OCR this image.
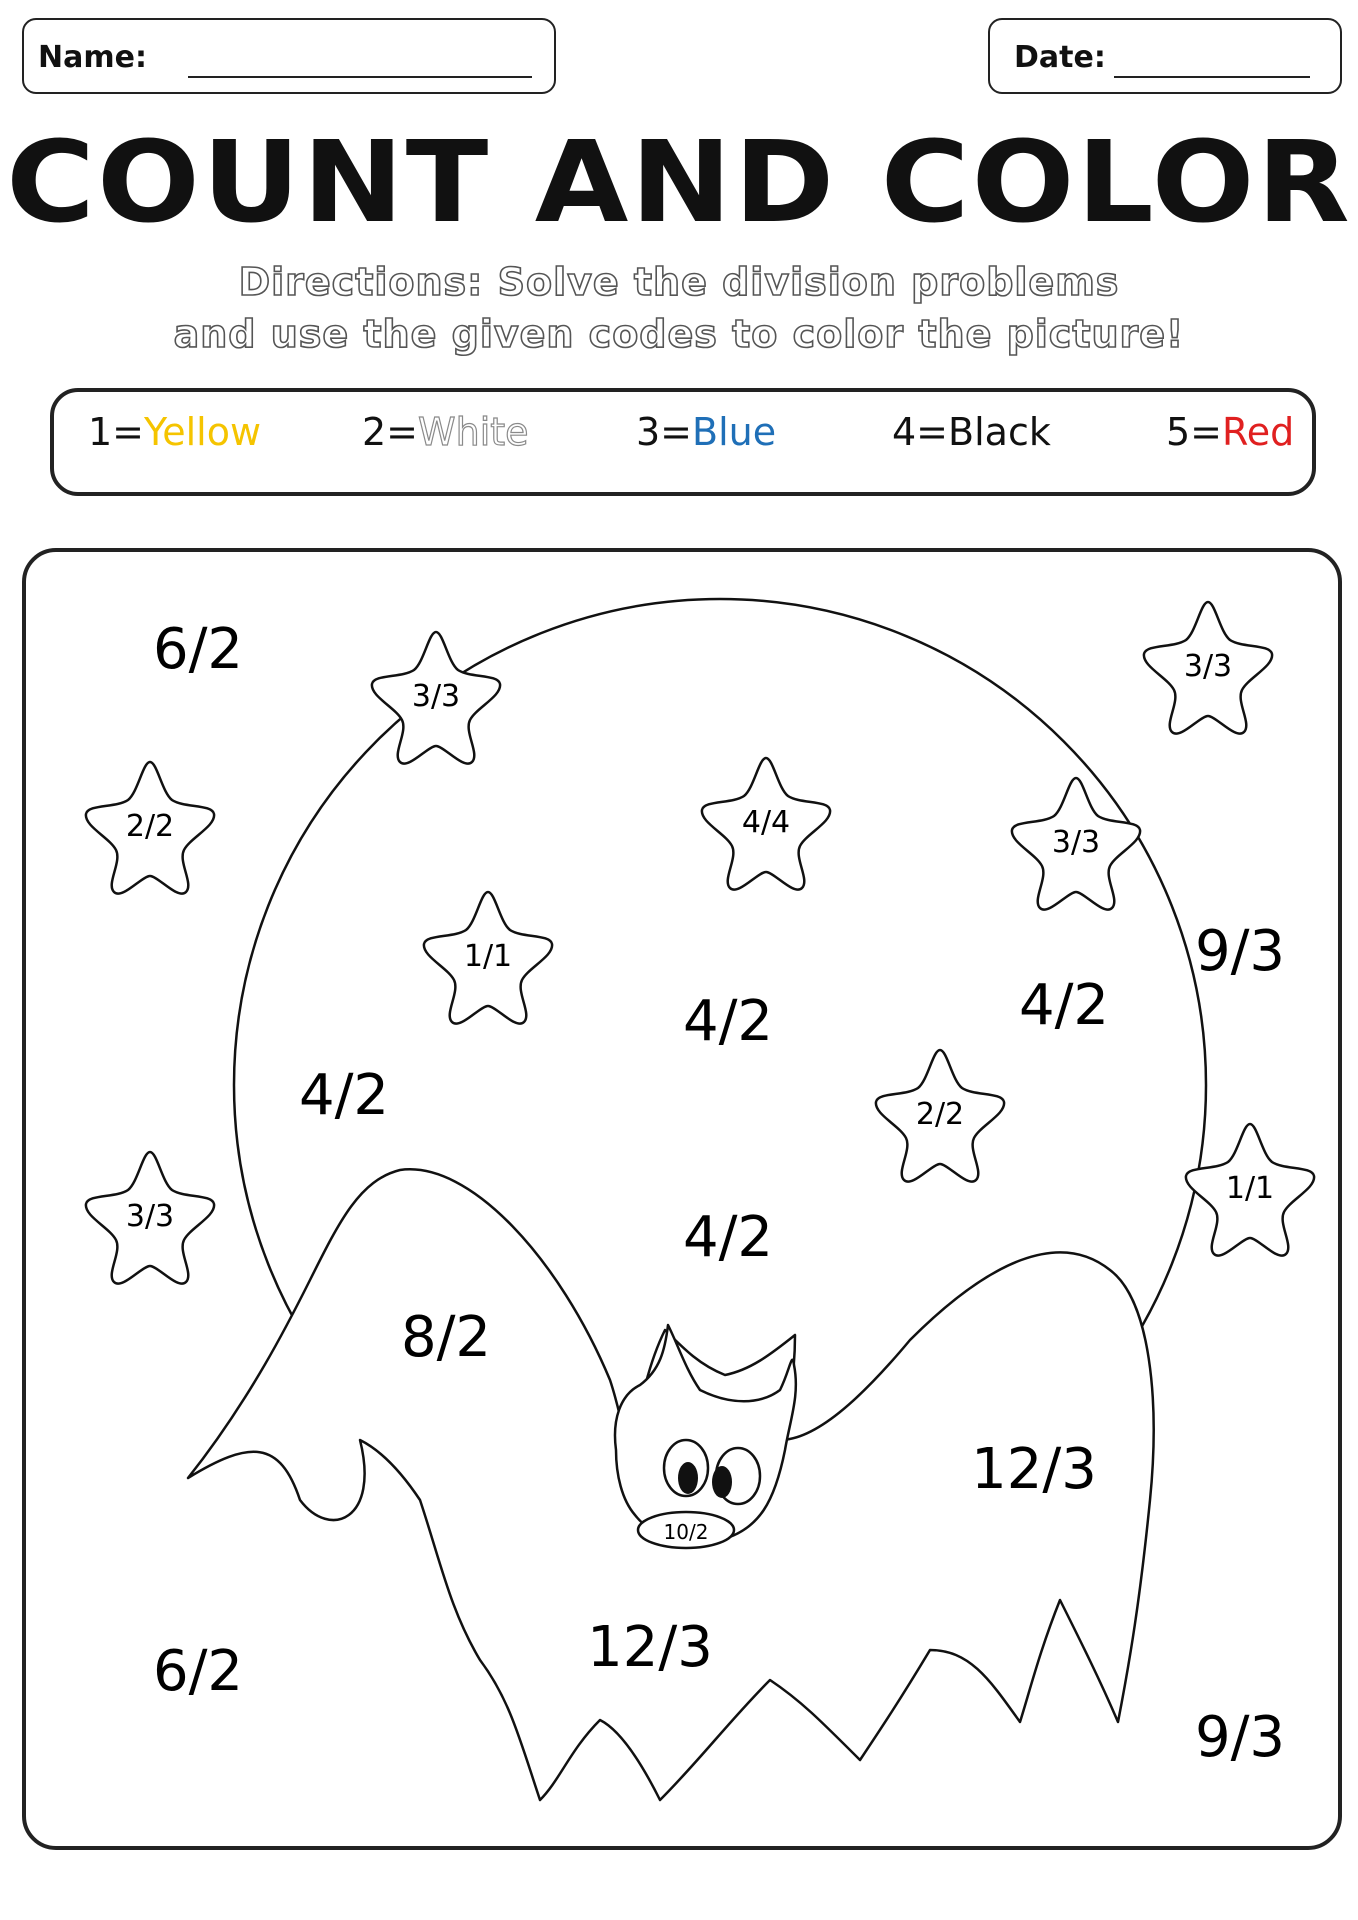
Name:	Date:
COUNT AND COLOR
Directions: Solve the division problems
and use the given codes to color the picture!
1=Yellow	2=White	3=Blue	4=Black	5=Red
10/2
3/3
3/3
2/2	4/4
3/3
1/1
2/2
3/3
1/1
6/2
9/3
6/2
9/3
4/2	4/2
4/2
4/2
8/2
12/3
12/3
